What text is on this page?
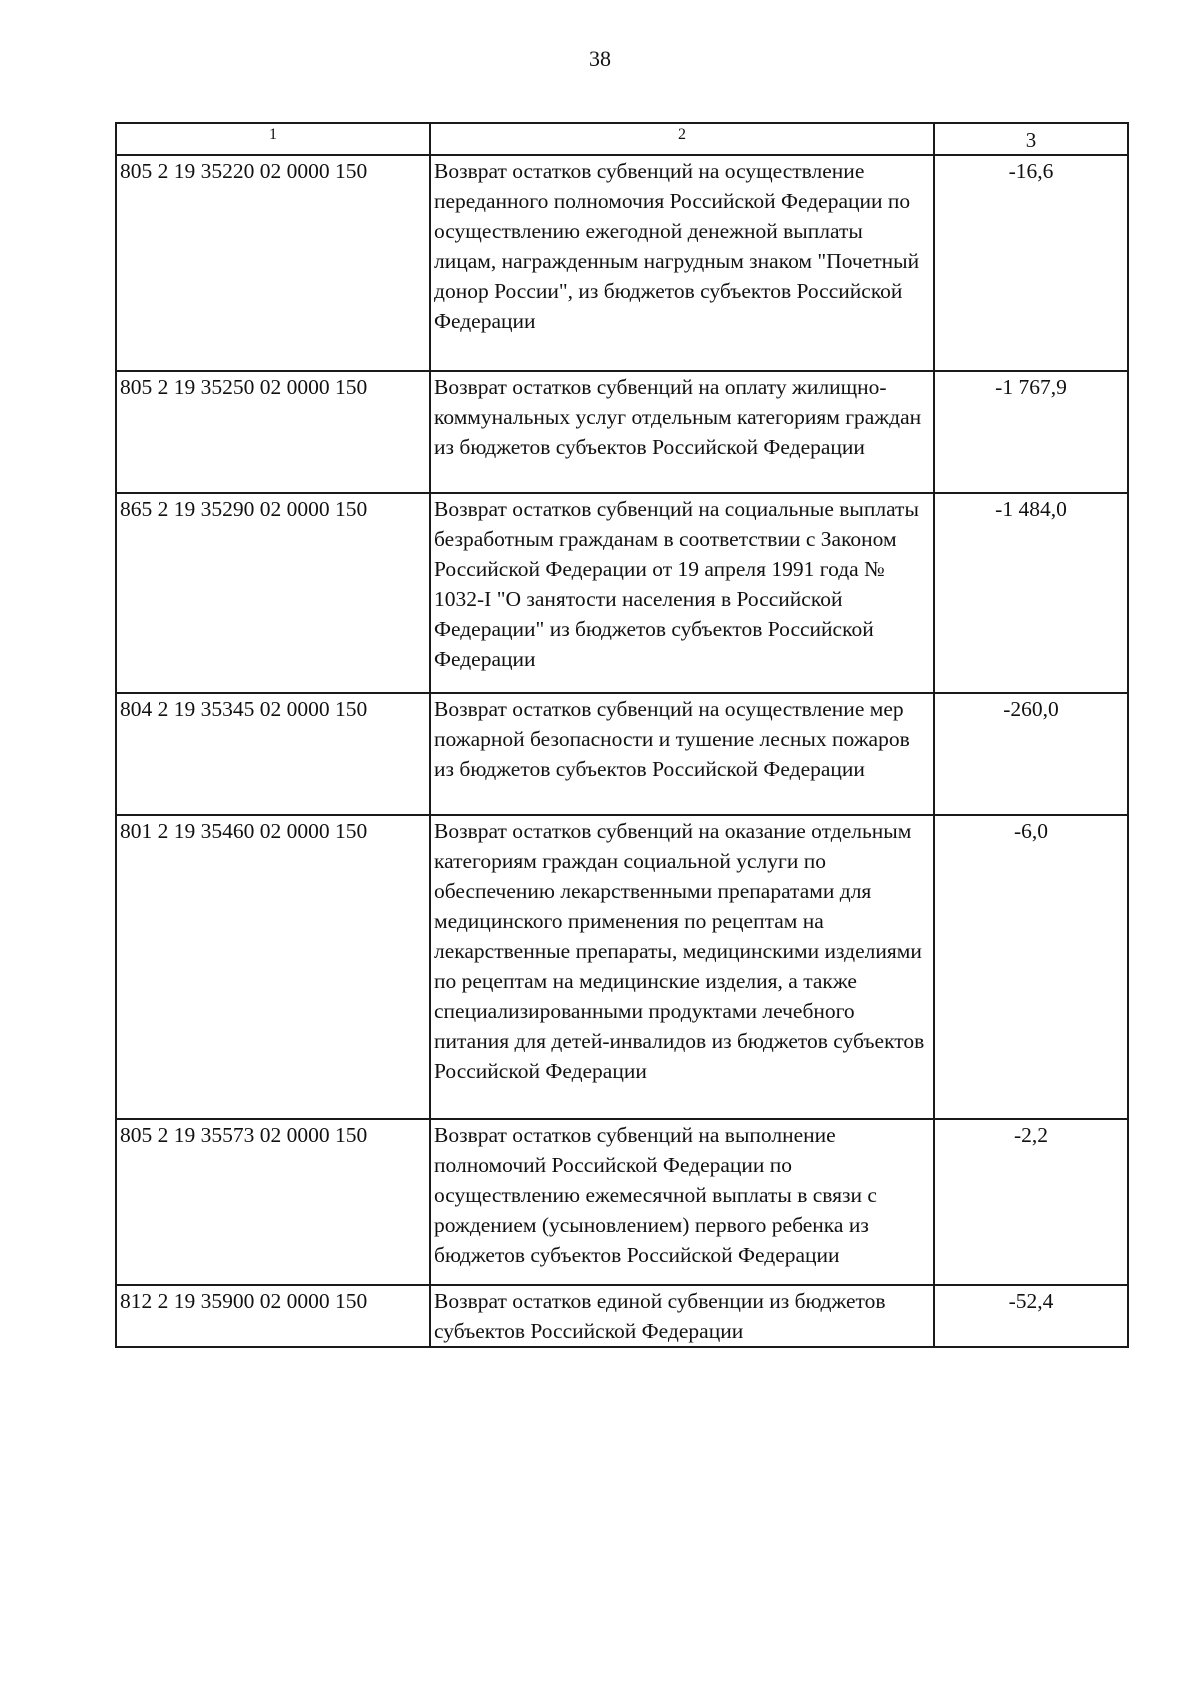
38
1	2	3
805 2 19 35220 02 0000 150	Возврат остатков субвенций на осуществление переданного полномочия Российской Федерации по осуществлению ежегодной денежной выплаты лицам, награжденным нагрудным знаком "Почетный донор России", из бюджетов субъектов Российской Федерации	-16,6
805 2 19 35250 02 0000 150	Возврат остатков субвенций на оплату жилищно-коммунальных услуг отдельным категориям граждан из бюджетов субъектов Российской Федерации	-1 767,9
865 2 19 35290 02 0000 150	Возврат остатков субвенций на социальные выплаты безработным гражданам в соответствии с Законом Российской Федерации от 19 апреля 1991 года № 1032-I "О занятости населения в Российской Федерации" из бюджетов субъектов Российской Федерации	-1 484,0
804 2 19 35345 02 0000 150	Возврат остатков субвенций на осуществление мер пожарной безопасности и тушение лесных пожаров из бюджетов субъектов Российской Федерации	-260,0
801 2 19 35460 02 0000 150	Возврат остатков субвенций на оказание отдельным категориям граждан социальной услуги по обеспечению лекарственными препаратами для медицинского применения по рецептам на лекарственные препараты, медицинскими изделиями по рецептам на медицинские изделия, а также специализированными продуктами лечебного питания для детей-инвалидов из бюджетов субъектов Российской Федерации	-6,0
805 2 19 35573 02 0000 150	Возврат остатков субвенций на выполнение полномочий Российской Федерации по осуществлению ежемесячной выплаты в связи с рождением (усыновлением) первого ребенка из бюджетов субъектов Российской Федерации	-2,2
812 2 19 35900 02 0000 150	Возврат остатков единой субвенции из бюджетов субъектов Российской Федерации	-52,4
